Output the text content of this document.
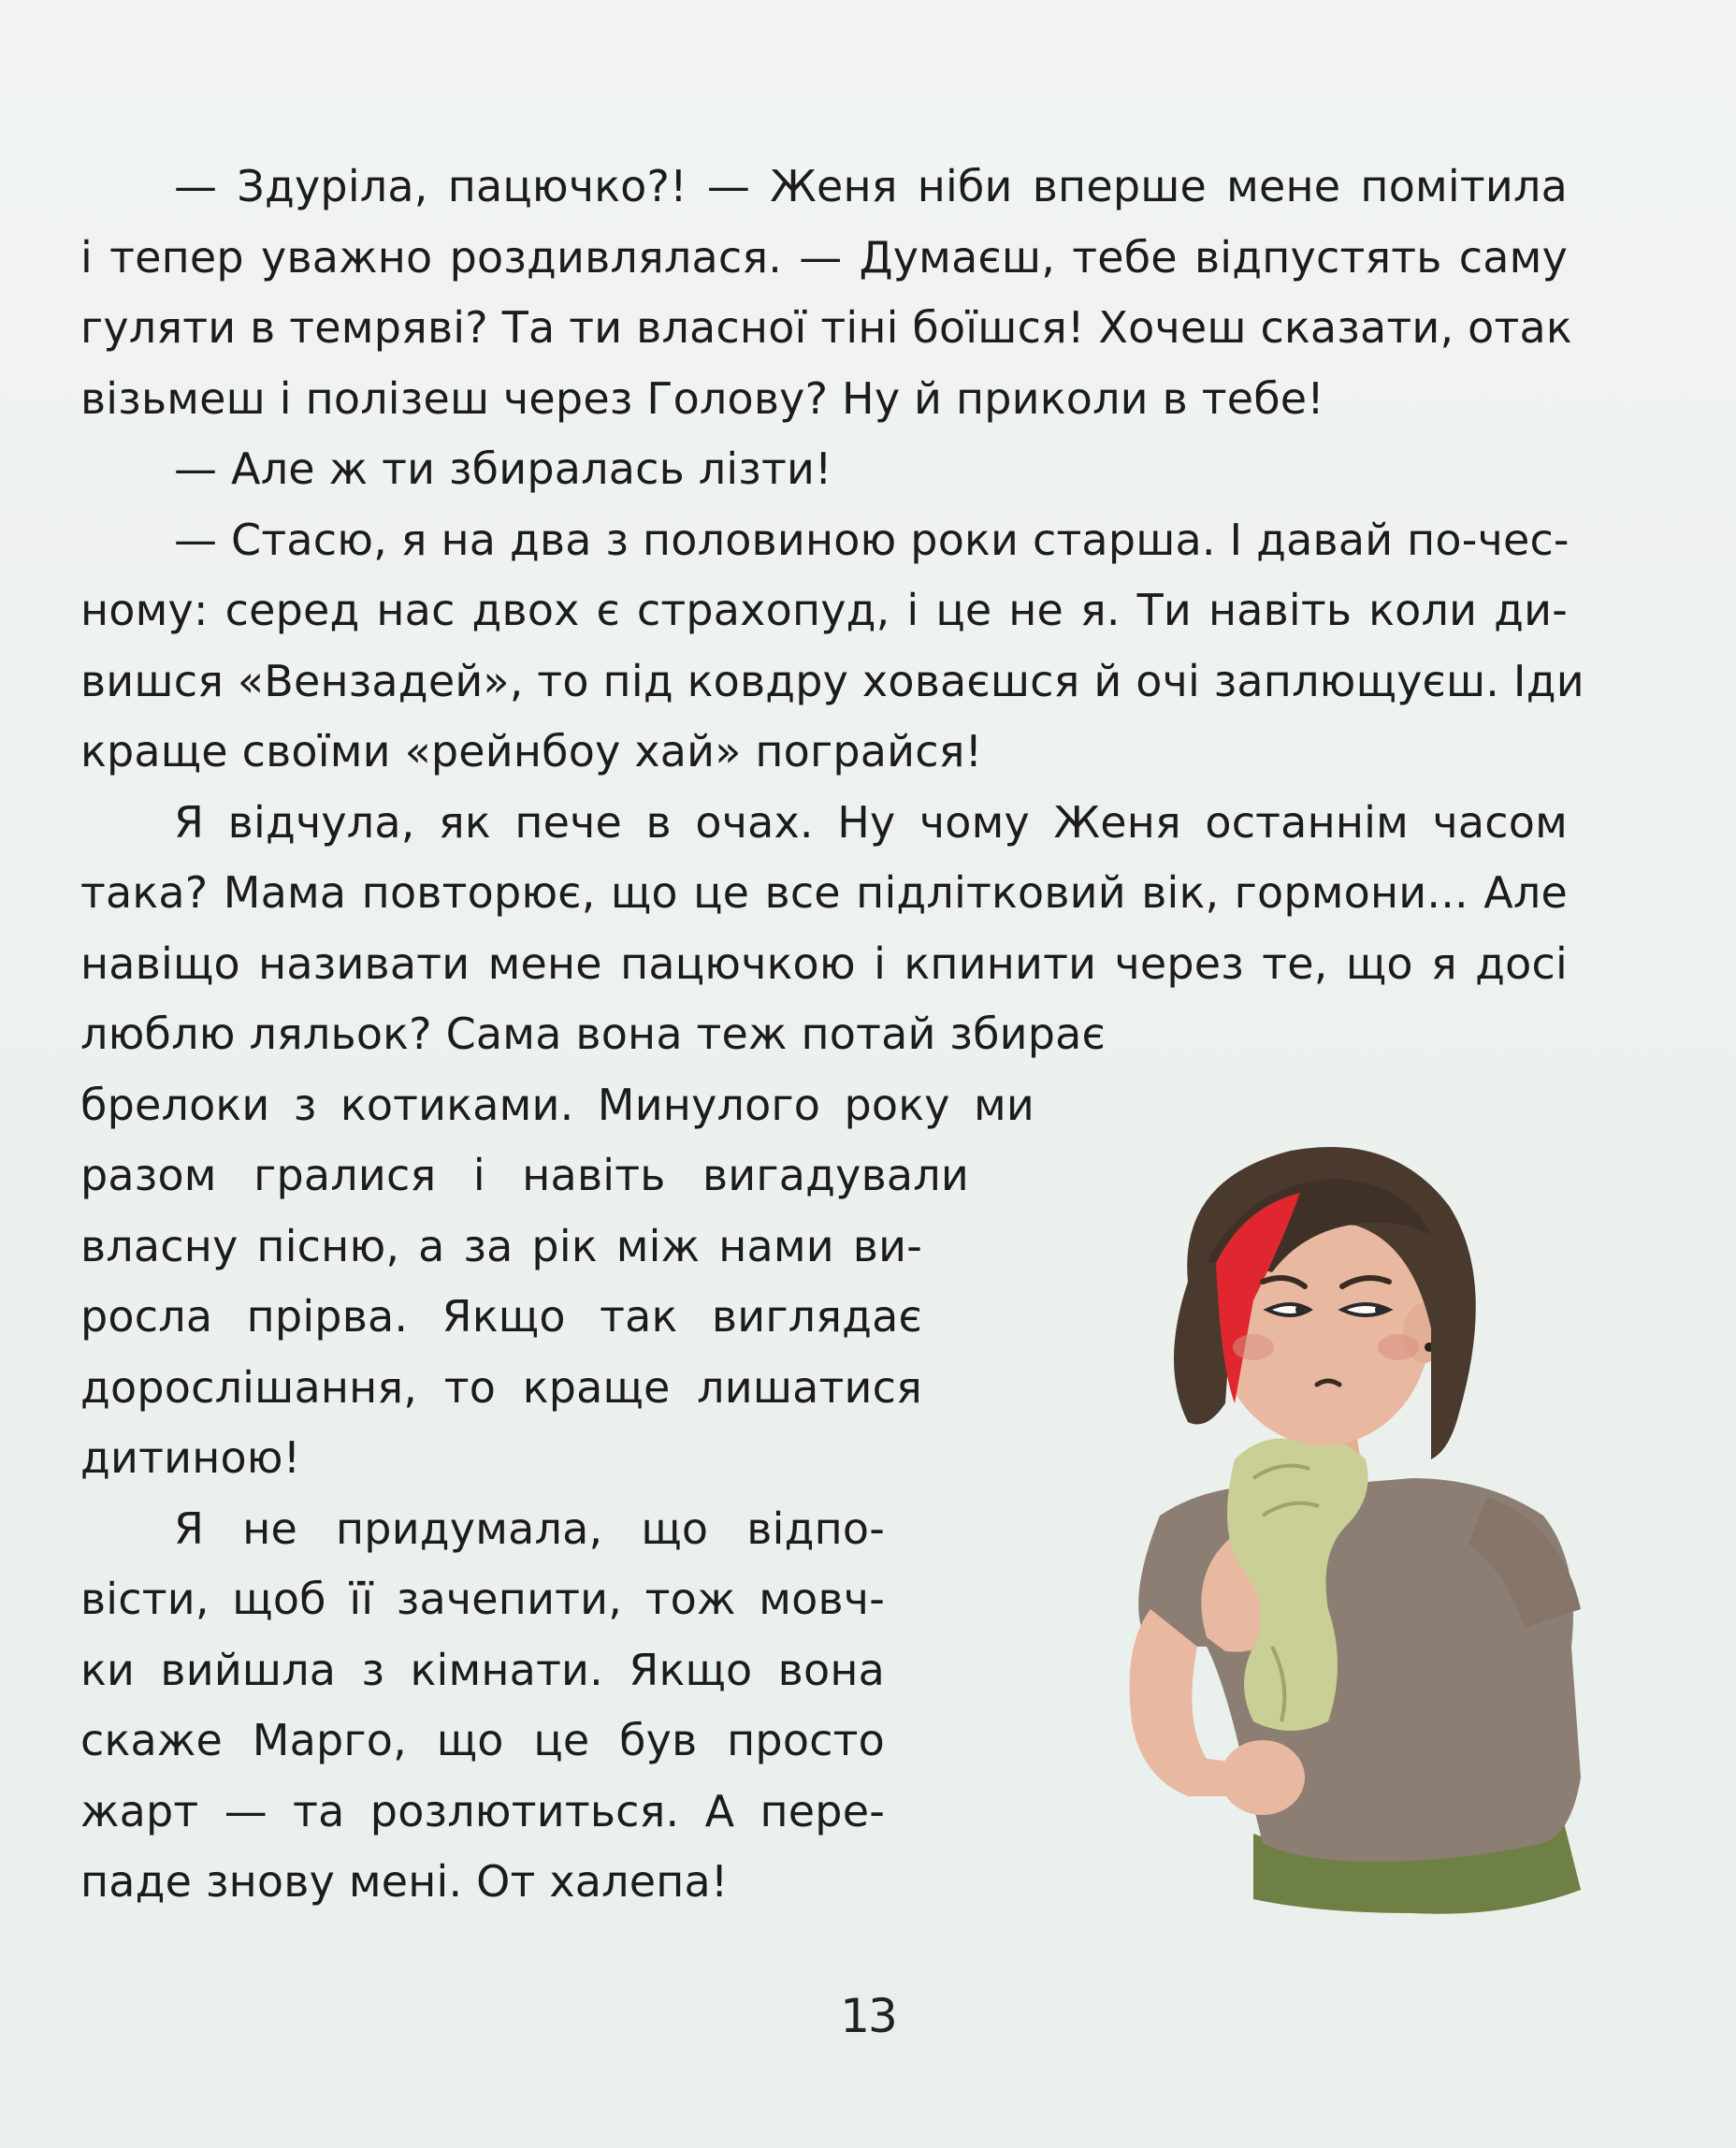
— Здуріла, пацючко?! — Женя ніби вперше мене помітила
і тепер уважно роздивлялася. — Думаєш, тебе відпустять саму
гуляти в темряві? Та ти власної тіні боїшся! Хочеш сказати, отак
візьмеш і полізеш через Голову? Ну й приколи в тебе!
— Але ж ти збиралась лізти!
— Стасю, я на два з половиною роки старша. І давай по-чес-
ному: серед нас двох є страхопуд, і це не я. Ти навіть коли ди-
вишся «Вензадей», то під ковдру ховаєшся й очі заплющуєш. Іди
краще своїми «рейнбоу хай» пограйся!
Я відчула, як пече в очах. Ну чому Женя останнім часом
така? Мама повторює, що це все підлітковий вік, гормони... Але
навіщо називати мене пацючкою і кпинити через те, що я досі
люблю ляльок? Сама вона теж потай збирає
брелоки з котиками. Минулого року ми
разом гралися і навіть вигадували
власну пісню, а за рік між нами ви-
росла прірва. Якщо так виглядає
дорослішання, то краще лишатися
дитиною!
Я не придумала, що відпо-
вісти, щоб її зачепити, тож мовч-
ки вийшла з кімнати. Якщо вона
скаже Марго, що це був просто
жарт — та розлютиться. А пере-
паде знову мені. От халепа!
13
